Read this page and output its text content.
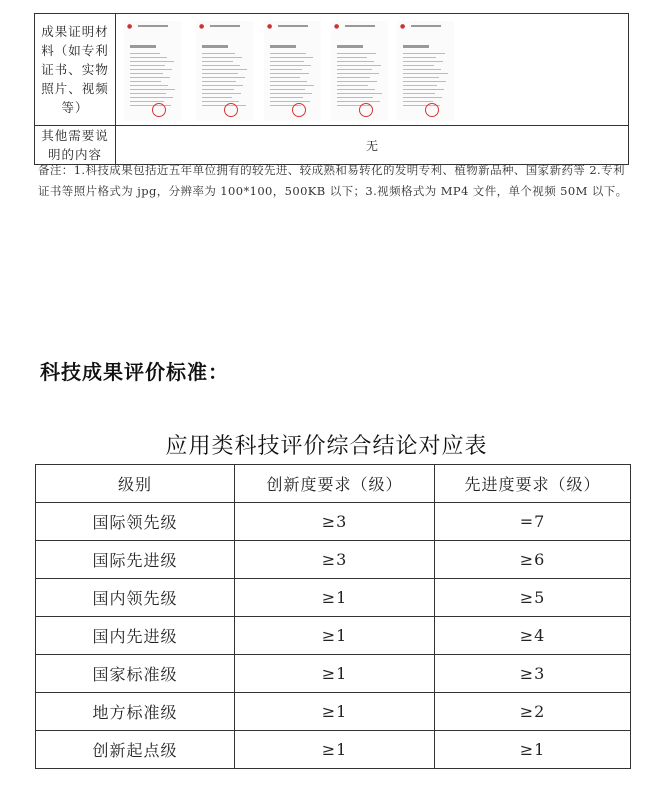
成果证明材料（如专利证书、实物照片、视频等）	● ● ● ● ●

其他需要说明的内容	无
备注：1.科技成果包括近五年单位拥有的较先进、较成熟和易转化的发明专利、植物新品种、国家新药等 2.专利证书等照片格式为 jpg，分辨率为 100*100，500KB 以下；3.视频格式为 MP4 文件，单个视频 50M 以下。
科技成果评价标准：
应用类科技评价综合结论对应表
级别	创新度要求（级）	先进度要求（级）
国际领先级	≥3	=7
国际先进级	≥3	≥6
国内领先级	≥1	≥5
国内先进级	≥1	≥4
国家标准级	≥1	≥3
地方标准级	≥1	≥2
创新起点级	≥1	≥1
